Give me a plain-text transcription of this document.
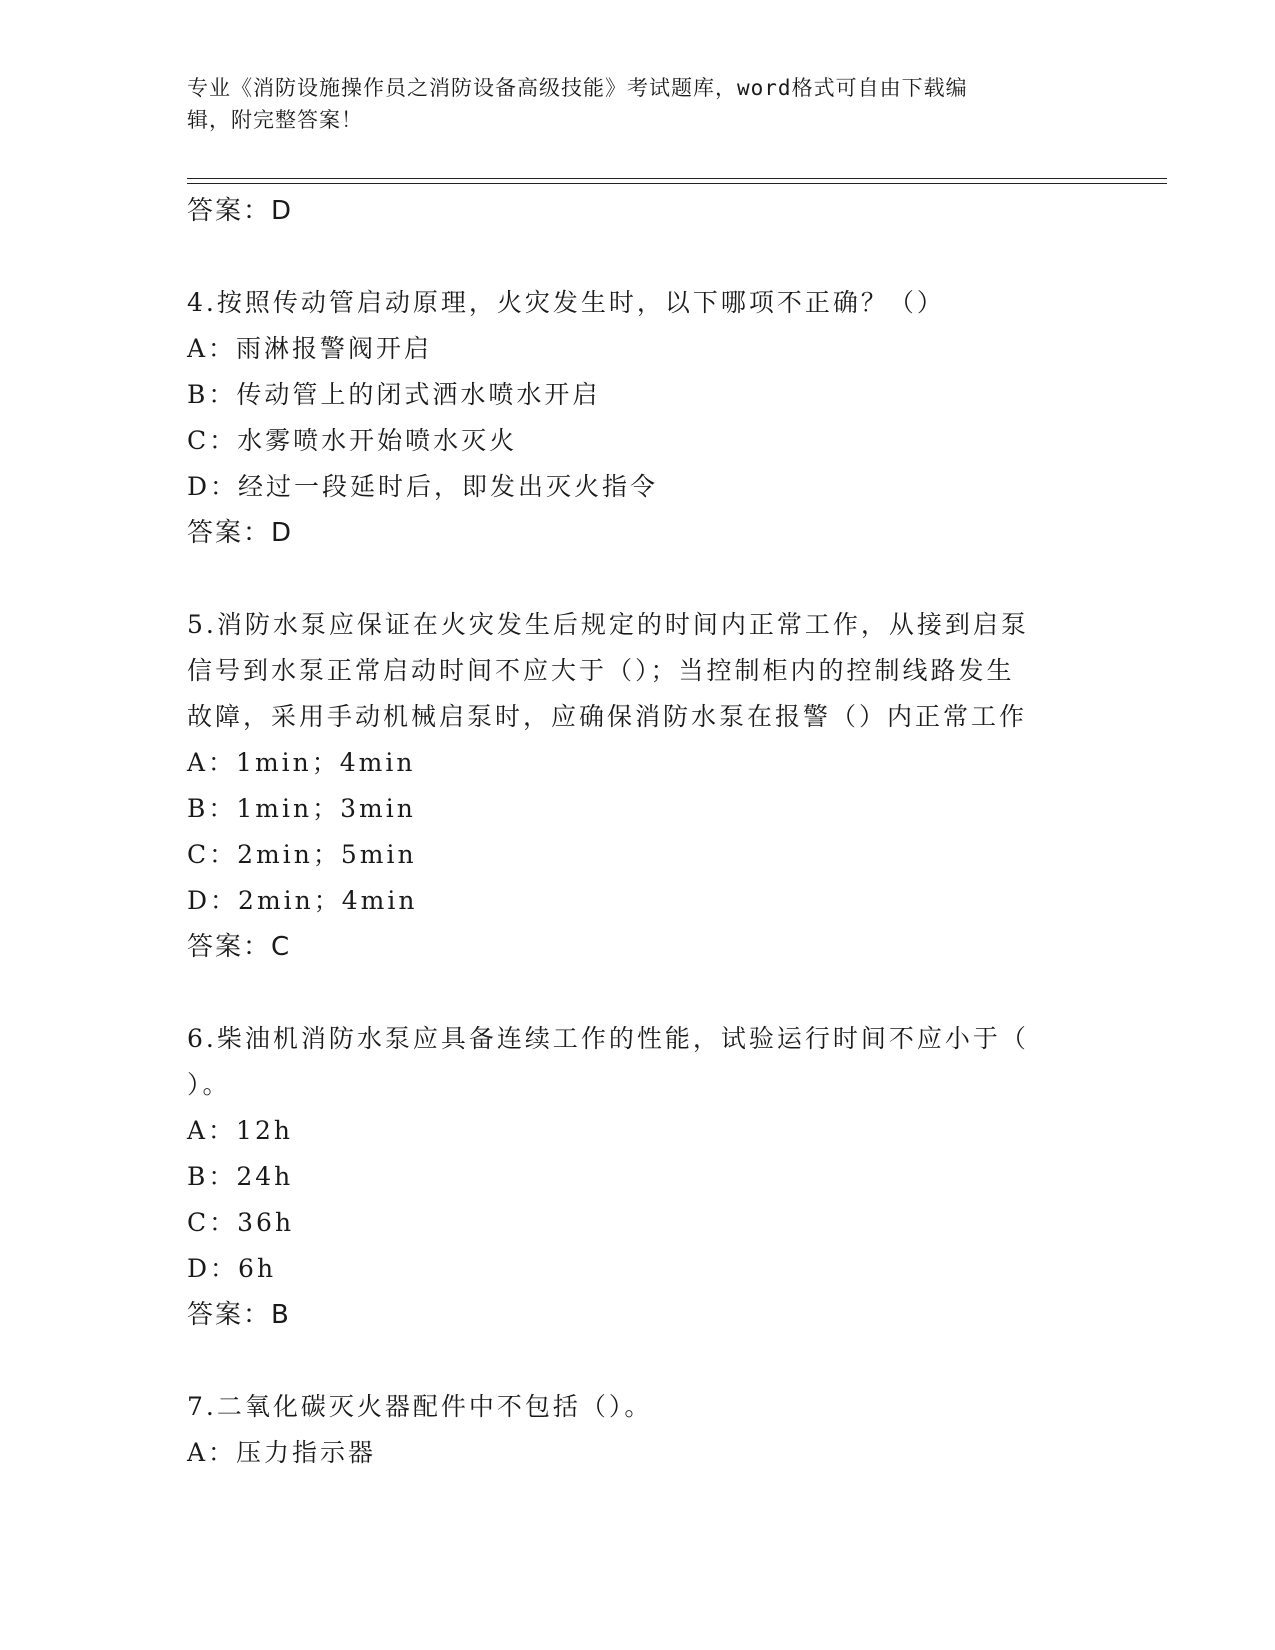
专业《消防设施操作员之消防设备高级技能》考试题库，word格式可自由下载编
辑，附完整答案！
答案：D
4.按照传动管启动原理，火灾发生时，以下哪项不正确？（）
A：雨淋报警阀开启
B：传动管上的闭式洒水喷水开启
C：水雾喷水开始喷水灭火
D：经过一段延时后，即发出灭火指令
答案：D
5.消防水泵应保证在火灾发生后规定的时间内正常工作，从接到启泵
信号到水泵正常启动时间不应大于（）；当控制柜内的控制线路发生
故障，采用手动机械启泵时，应确保消防水泵在报警（）内正常工作
A：1min；4min
B：1min；3min
C：2min；5min
D：2min；4min
答案：C
6.柴油机消防水泵应具备连续工作的性能，试验运行时间不应小于（
）。
A：12h
B：24h
C：36h
D：6h
答案：B
7.二氧化碳灭火器配件中不包括（）。
A：压力指示器
